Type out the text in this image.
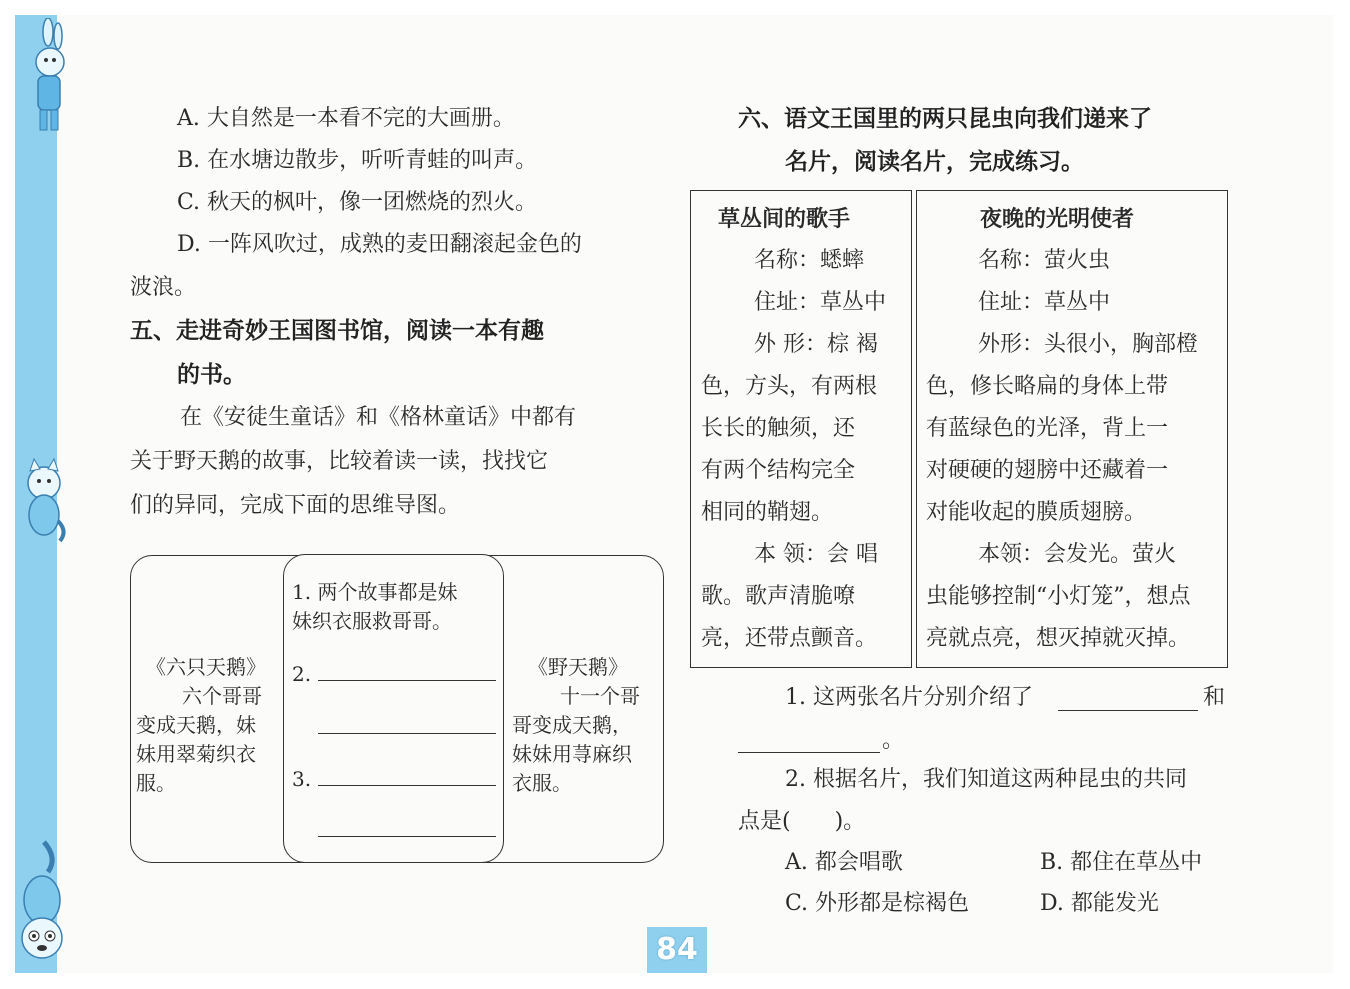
A. 大自然是一本看不完的大画册。
B. 在水塘边散步，听听青蛙的叫声。
C. 秋天的枫叶，像一团燃烧的烈火。
D. 一阵风吹过，成熟的麦田翻滚起金色的
波浪。
五、走进奇妙王国图书馆，阅读一本有趣
的书。
在《安徒生童话》和《格林童话》中都有
关于野天鹅的故事，比较着读一读，找找它
们的异同，完成下面的思维导图。
《六只天鹅》
六个哥哥
变成天鹅，妹
妹用翠菊织衣
服。
1. 两个故事都是妹
妹织衣服救哥哥。
2.
3.
《野天鹅》
十一个哥
哥变成天鹅，
妹妹用荨麻织
衣服。
六、语文王国里的两只昆虫向我们递来了
名片，阅读名片，完成练习。
草丛间的歌手
名称：蟋蟀
住址：草丛中
外 形：棕 褐
色，方头，有两根
长长的触须，还
有两个结构完全
相同的鞘翅。
本 领：会 唱
歌。歌声清脆嘹
亮，还带点颤音。
夜晚的光明使者
名称：萤火虫
住址：草丛中
外形：头很小，胸部橙
色，修长略扁的身体上带
有蓝绿色的光泽，背上一
对硬硬的翅膀中还藏着一
对能收起的膜质翅膀。
本领：会发光。萤火
虫能够控制“小灯笼”，想点
亮就点亮，想灭掉就灭掉。
1. 这两张名片分别介绍了	和
。
2. 根据名片，我们知道这两种昆虫的共同
点是(　　)。
A. 都会唱歌	B. 都住在草丛中
C. 外形都是棕褐色	D. 都能发光
84
